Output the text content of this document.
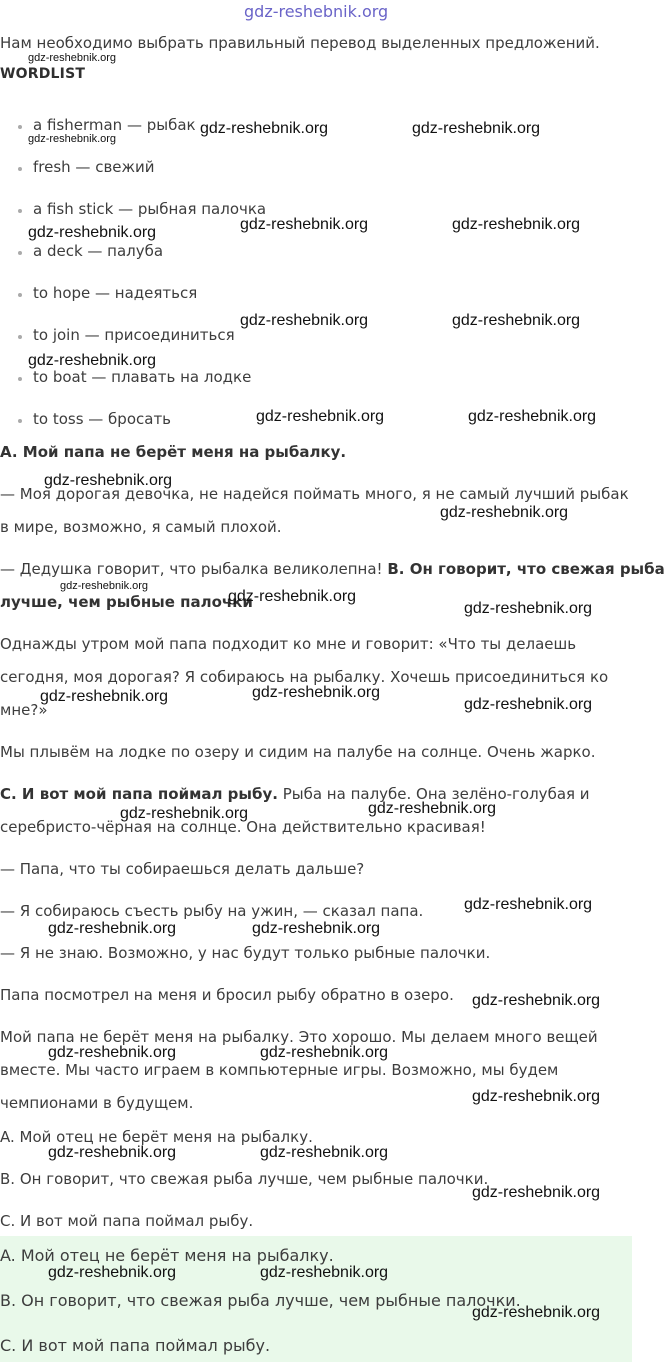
gdz-reshebnik.org
Нам необходимо выбрать правильный перевод выделенных предложений.
gdz-reshebnik.org
WORDLIST
a fisherman — рыбак
fresh — свежий
a fish stick — рыбная палочка
a deck — палуба
to hope — надеяться
to join — присоединиться
to boat — плавать на лодке
to toss — бросать
A. Мой папа не берёт меня на рыбалку.
— Моя дорогая девочка, не надейся поймать много, я не самый лучший рыбак
в мире, возможно, я самый плохой.
— Дедушка говорит, что рыбалка великолепна! B. Он говорит, что свежая рыба
лучше, чем рыбные палочки
Однажды утром мой папа подходит ко мне и говорит: «Что ты делаешь
сегодня, моя дорогая? Я собираюсь на рыбалку. Хочешь присоединиться ко
мне?»
Мы плывём на лодке по озеру и сидим на палубе на солнце. Очень жарко.
C. И вот мой папа поймал рыбу. Рыба на палубе. Она зелёно-голубая и
серебристо-чёрная на солнце. Она действительно красивая!
— Папа, что ты собираешься делать дальше?
— Я собираюсь съесть рыбу на ужин, — сказал папа.
— Я не знаю. Возможно, у нас будут только рыбные палочки.
Папа посмотрел на меня и бросил рыбу обратно в озеро.
Мой папа не берёт меня на рыбалку. Это хорошо. Мы делаем много вещей
вместе. Мы часто играем в компьютерные игры. Возможно, мы будем
чемпионами в будущем.
A. Мой отец не берёт меня на рыбалку.
B. Он говорит, что свежая рыба лучше, чем рыбные палочки.
C. И вот мой папа поймал рыбу.
A. Мой отец не берёт меня на рыбалку.
B. Он говорит, что свежая рыба лучше, чем рыбные палочки.
C. И вот мой папа поймал рыбу.
gdz-reshebnik.org	gdz-reshebnik.org
gdz-reshebnik.org
gdz-reshebnik.org	gdz-reshebnik.org
gdz-reshebnik.org
gdz-reshebnik.org	gdz-reshebnik.org
gdz-reshebnik.org
gdz-reshebnik.org	gdz-reshebnik.org
gdz-reshebnik.org
gdz-reshebnik.org
gdz-reshebnik.org
gdz-reshebnik.org
gdz-reshebnik.org
gdz-reshebnik.org
gdz-reshebnik.org	gdz-reshebnik.org
gdz-reshebnik.org
gdz-reshebnik.org
gdz-reshebnik.org
gdz-reshebnik.org	gdz-reshebnik.org
gdz-reshebnik.org
gdz-reshebnik.org	gdz-reshebnik.org
gdz-reshebnik.org
gdz-reshebnik.org	gdz-reshebnik.org
gdz-reshebnik.org
gdz-reshebnik.org	gdz-reshebnik.org
gdz-reshebnik.org
